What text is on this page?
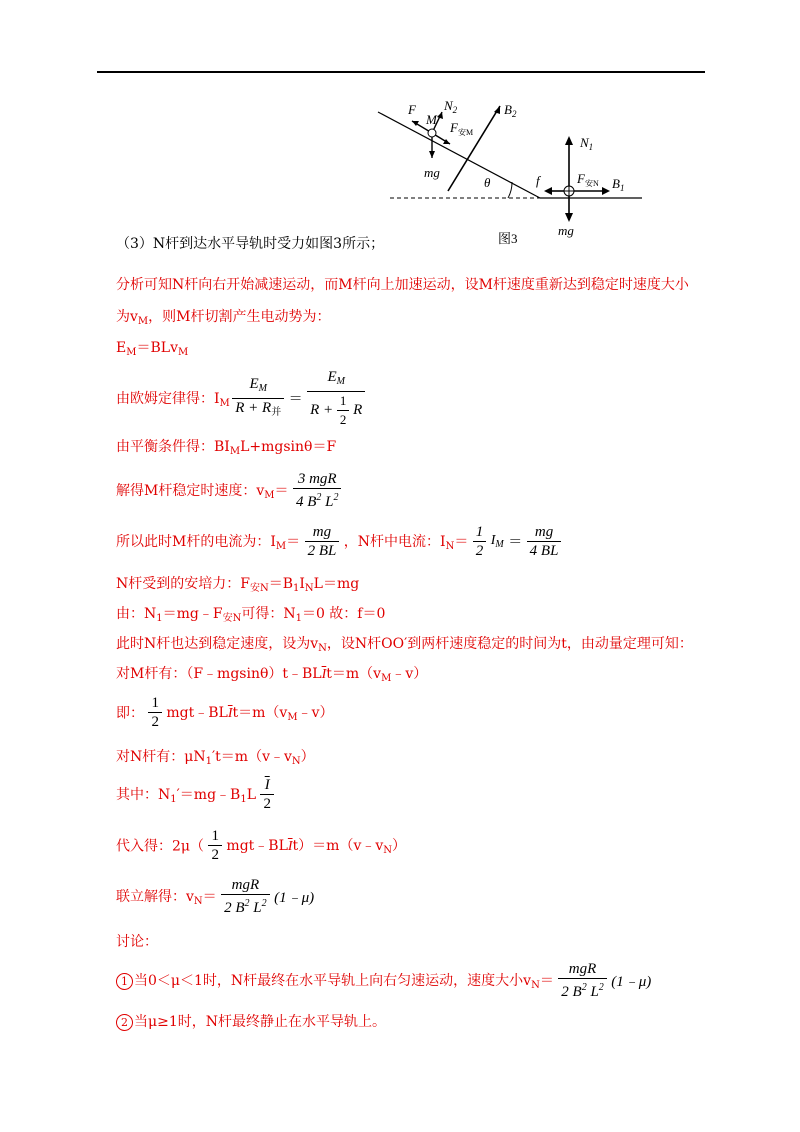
F
M
$N_2$
$F_{安M}$
$B_2$
mg
θ	f
$N_1$
$F_{安N}$ $B_1$
mg
图3
（3）N杆到达水平导轨时受力如图3所示；
分析可知N杆向右开始减速运动，而M杆向上加速运动，设M杆速度重新达到稳定时速度大小
为$v_M$，则M杆切割产生电动势为：
$E_M=BLv_M$
由欧姆定律得：$I_M \frac{E_M}{R + R_并} = \frac{E_M}{R + \frac{1}{2} R}$
由平衡条件得：$BI_ML+mgsin\theta=F$
解得M杆稳定时速度：$v_M= \frac{\text{3 mgR}}{4 B^2 L^2}$
所以此时M杆的电流为：$I_M= \frac{mg}{2 BL}$ ，N杆中电流：$I_N= \frac{1}{2} I_M = \frac{mg}{4 BL}$
N杆受到的安培力：$F_{安N}=B_1I_NL=mg$
由：$N_1=mg﹣F_{安N}$可得：$N_1=0$ 故：f＝0
此时N杆也达到稳定速度，设为$v_N$，设N杆OO′到两杆速度稳定的时间为t，由动量定理可知：
对M杆有：$(F﹣mgsin\theta)t﹣BL\overline{I}t=m(v_M﹣v)$
即： $\frac{1}{2}$ $mgt﹣BL\overline{I}t=m(v_M﹣v)$
对N杆有：$\mu N_1't=m(v﹣v_N)$
其中：$N_1'=mg﹣B_1L \frac{\overline{I}}{2}$
代入得：$2\mu( \frac{1}{2}$ $mgt﹣BL\overline{I}t)=m(v﹣v_N)$
联立解得：$v_N= \frac{\text{mgR}}{2 B^2 L^2}$ (1﹣μ)
讨论：
1 当0＜μ＜1时，N杆最终在水平导轨上向右匀速运动，速度大小$v_N= \frac{\text{mgR}}{2 B^2 L^2}$ (1﹣μ)
2 当μ≥1时，N杆最终静止在水平导轨上。
